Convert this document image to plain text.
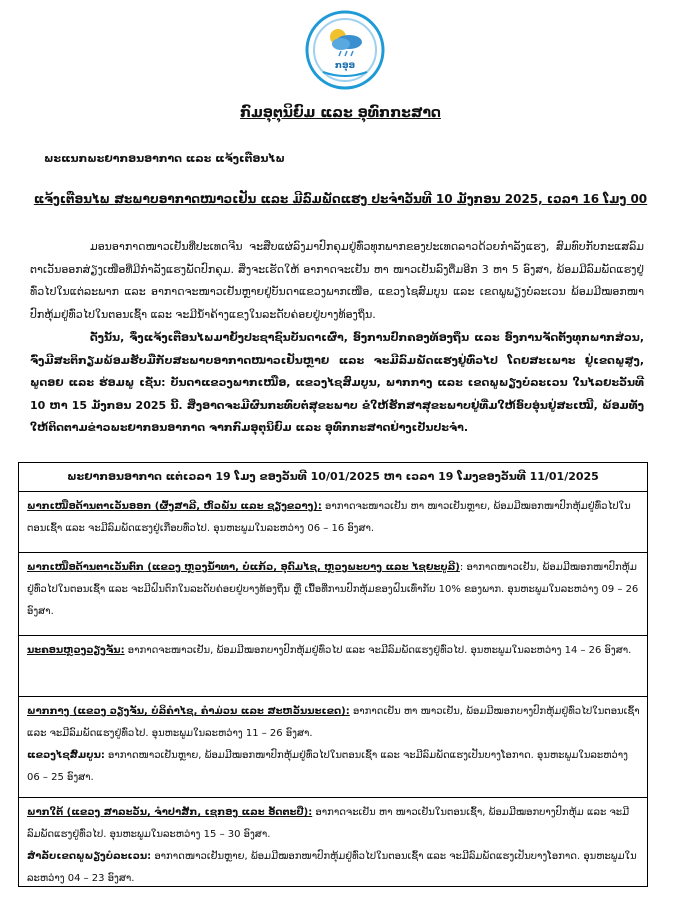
ກອຸອ
ກົມອຸຕຸນິຍົມ ແລະ ອຸທົກກະສາດ
ພະແນກພະຍາກອນອາກາດ ແລະ ແຈ້ງເຕືອນໄພ
ແຈ້ງເຕືອນໄພ ສະພາບອາກາດໜາວເຢັນ ແລະ ມີລົມພັດແຮງ ປະຈໍາວັນທີ 10 ມັງກອນ 2025, ເວລາ 16 ໂມງ 00
ມອນອາກາດໜາວເຢັນທີ່ປະເທດຈີນ ຈະສືບແຜ່ລົງມາປົກຄຸມຢູ່ທົ່ວທຸກພາກຂອງປະເທດລາວດ້ວຍກໍາລັງແຮງ, ສົມທົບກັບກະແສລົມຕາເວັນອອກສ່ຽງເໜືອທີ່ມີກໍາລັງແຮງພັດປົກຄຸມ. ສິ່ງຈະເຮັດໃຫ້ ອາກາດຈະເຢັນ ຫາ ໜາວເຢັນລົງຕື່ມອີກ 3 ຫາ 5 ອົງສາ, ພ້ອມມີລົມພັດແຮງຢູ່ທົ່ວໄປໃນແຕ່ລະພາກ ແລະ ອາກາດຈະໜາວເຢັນຫຼາຍຢູ່ບັນດາແຂວງພາກເໜືອ, ແຂວງໄຊສົມບູນ ແລະ ເຂດພູພຽງບໍລະເວນ ພ້ອມມີໝອກໜາປົກຫຸ້ມຢູ່ທົ່ວໄປໃນຕອນເຊົ້າ ແລະ ຈະມີນ້ຳຄ້າງແຂງໃນລະດັບຄ່ອຍຢູ່ບາງທ້ອງຖິ່ນ.
ດັ່ງນັ້ນ, ຈຶ່ງແຈ້ງເຕືອນໄພມາຍັງປະຊາຊົນບັນດາເຜົ່າ, ອົງການປົກຄອງທ້ອງຖິ່ນ ແລະ ອົງການຈັດຕັ້ງທຸກພາກສ່ວນ, ຈົ່ງມີສະຕິກຽມພ້ອມຮັບມືກັບສະພາບອາກາດໜາວເຢັນຫຼາຍ ແລະ ຈະມີລົມພັດແຮງຢູ່ທົ່ວໄປ ໂດຍສະເພາະ ຢູ່ເຂດພູສູງ, ພູດອຍ ແລະ ຮ່ອມພູ ເຊັ່ນ: ບັນດາແຂວງພາກເໜືອ, ແຂວງໄຊສົມບູນ, ພາກກາງ ແລະ ເຂດພູພຽງບໍລະເວນ ໃນໄລຍະວັນທີ 10 ຫາ 15 ມັງກອນ 2025 ນີ້. ສິ່ງອາດຈະມີຜົນກະທົບຕໍ່ສຸຂະພາບ ຂໍໃຫ້ຮັກສາສຸຂະພາບຢູ່ທີ່ມໃຫ້ອົບອຸ່ນຢູ່ສະເໝີ, ພ້ອມທັງໃຫ້ຕິດຕາມຂ່າວພະຍາກອນອາກາດ ຈາກກົມອຸຕຸນິຍົມ ແລະ ອຸທົກກະສາດຢ່າງເປັນປະຈໍາ.
ພະຍາກອນອາກາດ ແຕ່ເວລາ 19 ໂມງ ຂອງວັນທີ 10/01/2025 ຫາ ເວລາ 19 ໂມງຂອງວັນທີ 11/01/2025
ພາກເໜືອດ້ານຕາເວັນອອກ (ຜົ້ງສາລີ, ຫົວພັນ ແລະ ຊຽງຂວາງ): ອາກາດຈະໜາວເຢັນ ຫາ ໜາວເຢັນຫຼາຍ, ພ້ອມມີໝອກໜາປົກຫຸ້ມຢູ່ທົ່ວໄປໃນຕອນເຊົ້າ ແລະ ຈະມີລົມພັດແຮງຢູ່ເກືອບທົ່ວໄປ. ອຸນຫະພູມໃນລະຫວ່າງ 06 – 16 ອົງສາ.
ພາກເໜືອດ້ານຕາເວັນຕົກ (ແຂວງ ຫຼວງນໍ້າທາ, ບໍ່ແກ້ວ, ອຸດົມໄຊ, ຫຼວງພະບາງ ແລະ ໄຊຍະບູລີ): ອາກາດໜາວເຢັນ, ພ້ອມມີໝອກໜາປົກຫຸ້ມຢູ່ທົ່ວໄປໃນຕອນເຊົ້າ ແລະ ຈະມີຝົນຕົກໃນລະດັບຄ່ອຍຢູ່ບາງທ້ອງຖິ່ນ ຫຼື ເນື້ອທີ່ການປົກຫຸ້ມຂອງຝົນເທົ່າກັບ 10% ຂອງພາກ. ອຸນຫະພູມໃນລະຫວ່າງ 09 – 26 ອົງສາ.
ນະຄອນຫຼວງວຽງຈັນ: ອາກາດຈະໜາວເຢັນ, ພ້ອມມີໝອກບາງປົກຫຸ້ມຢູ່ທົ່ວໄປ ແລະ ຈະມີລົມພັດແຮງຢູ່ທົ່ວໄປ. ອຸນຫະພູມໃນລະຫວ່າງ 14 – 26 ອົງສາ.
ພາກກາງ (ແຂວງ ວຽງຈັນ, ບໍລິຄໍາໄຊ, ຄໍາມ່ວນ ແລະ ສະຫວັນນະເຂດ): ອາກາດເຢັນ ຫາ ໜາວເຢັນ, ພ້ອມມີໝອກບາງປົກຫຸ້ມຢູ່ທົ່ວໄປໃນຕອນເຊົ້າ ແລະ ຈະມີລົມພັດແຮງຢູ່ທົ່ວໄປ. ອຸນຫະພູມໃນລະຫວ່າງ 11 – 26 ອົງສາ.
ແຂວງໄຊສົມບູນ: ອາກາດໜາວເຢັນຫຼາຍ, ພ້ອມມີໝອກໜາປົກຫຸ້ມຢູ່ທົ່ວໄປໃນຕອນເຊົ້າ ແລະ ຈະມີລົມພັດແຮງເປັນບາງໂອກາດ. ອຸນຫະພູມໃນລະຫວ່າງ 06 – 25 ອົງສາ.
ພາກໃຕ້ (ແຂວງ ສາລະວັນ, ຈໍາປາສັກ, ເຊກອງ ແລະ ອັດຕະປື): ອາກາດຈະເຢັນ ຫາ ໜາວເຢັນໃນຕອນເຊົ້າ, ພ້ອມມີໝອກບາງປົກຫຸ້ມ ແລະ ຈະມີລົມພັດແຮງຢູ່ທົ່ວໄປ. ອຸນຫະພູມໃນລະຫວ່າງ 15 – 30 ອົງສາ.
ສໍາລັບເຂດພູພຽງບໍລະເວນ: ອາກາດໜາວເຢັນຫຼາຍ, ພ້ອມມີໝອກໜາປົກຫຸ້ມຢູ່ທົ່ວໄປໃນຕອນເຊົ້າ ແລະ ຈະມີລົມພັດແຮງເປັນບາງໂອກາດ. ອຸນຫະພູມໃນລະຫວ່າງ 04 – 23 ອົງສາ.
